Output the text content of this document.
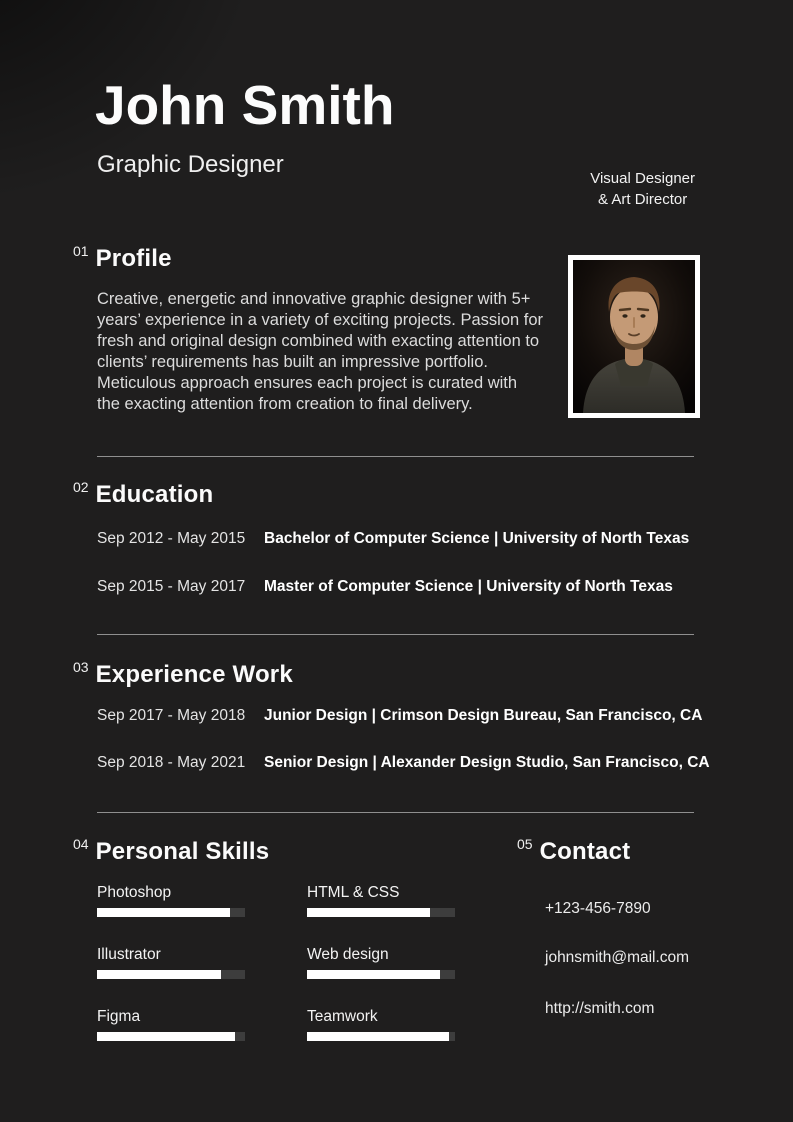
John Smith
Graphic Designer
Visual Designer
& Art Director
01 Profile
Creative, energetic and innovative graphic designer with 5+ years’ experience in a variety of exciting projects. Passion for fresh and original design combined with exacting attention to clients’ requirements has built an impressive portfolio. Meticulous approach ensures each project is curated with the exacting attention from creation to final delivery.
02 Education
Sep 2012 - May 2015	Bachelor of Computer Science | University of North Texas
Sep 2015 - May 2017	Master of Computer Science | University of North Texas
03 Experience Work
Sep 2017 - May 2018	Junior Design | Crimson Design Bureau, San Francisco, CA
Sep 2018 - May 2021	Senior Design | Alexander Design Studio, San Francisco, CA
04 Personal Skills	05 Contact
Photoshop	HTML & CSS
Illustrator	Web design
Figma	Teamwork
+123-456-7890
johnsmith@mail.com
http://smith.com
